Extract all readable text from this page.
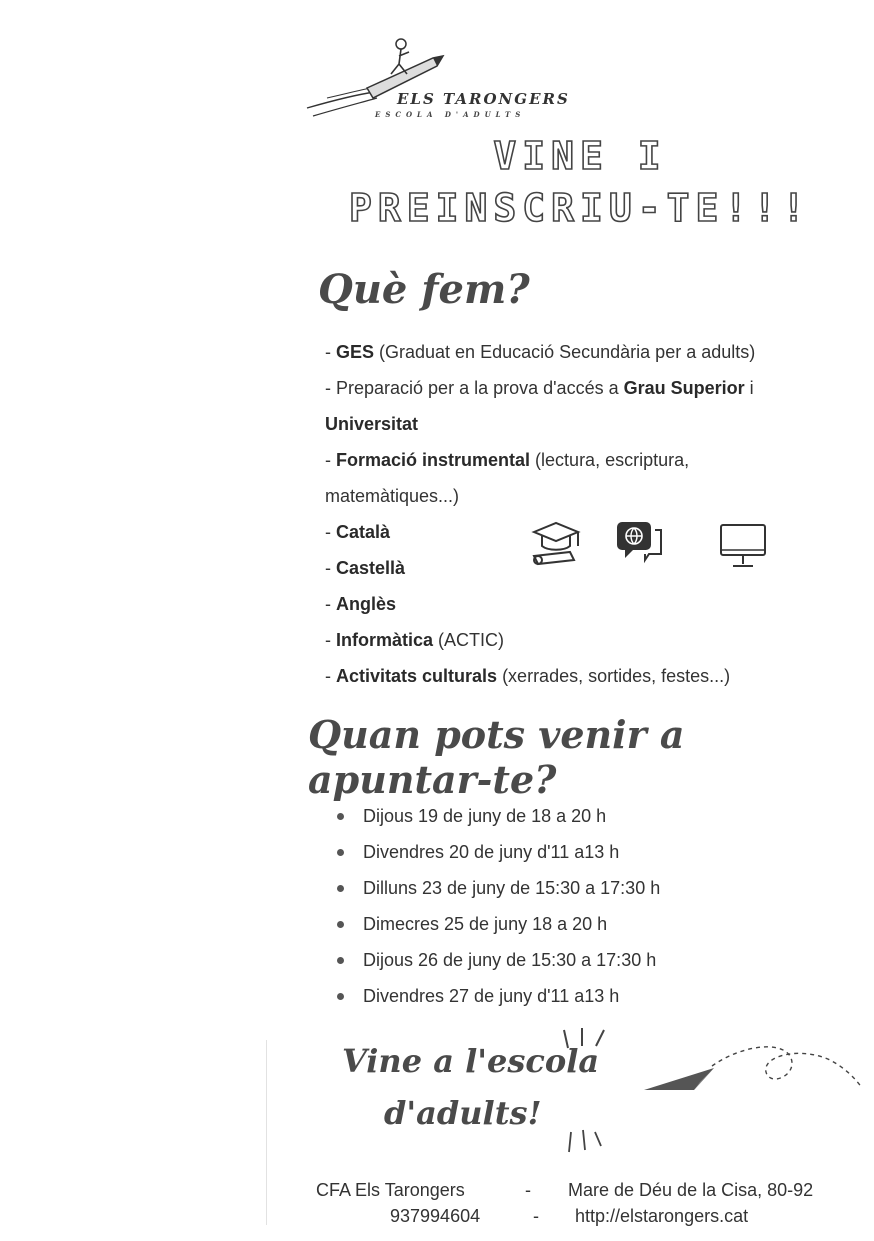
ELS TARONGERS
ESCOLA D'ADULTS
VINE I
PREINSCRIU-TE!!!
Què fem?
- GES (Graduat en Educació Secundària per a adults)
- Preparació per a la prova d'accés a Grau Superior i
Universitat
- Formació instrumental (lectura, escriptura,
matemàtiques...)
- Català
- Castellà
- Anglès
- Informàtica (ACTIC)
- Activitats culturals (xerrades, sortides, festes...)
Quan pots venir a apuntar-te?
Dijous 19 de juny de 18 a 20 h
Divendres 20 de juny d'11 a13 h
Dilluns 23 de juny de 15:30 a 17:30 h
Dimecres 25 de juny 18 a 20 h
Dijous 26 de juny de 15:30 a 17:30 h
Divendres 27 de juny d'11 a13 h
Vine a l'escola
d'adults!
CFA Els Tarongers	- Mare de Déu de la Cisa, 80-92
937994604	- http://elstarongers.cat
